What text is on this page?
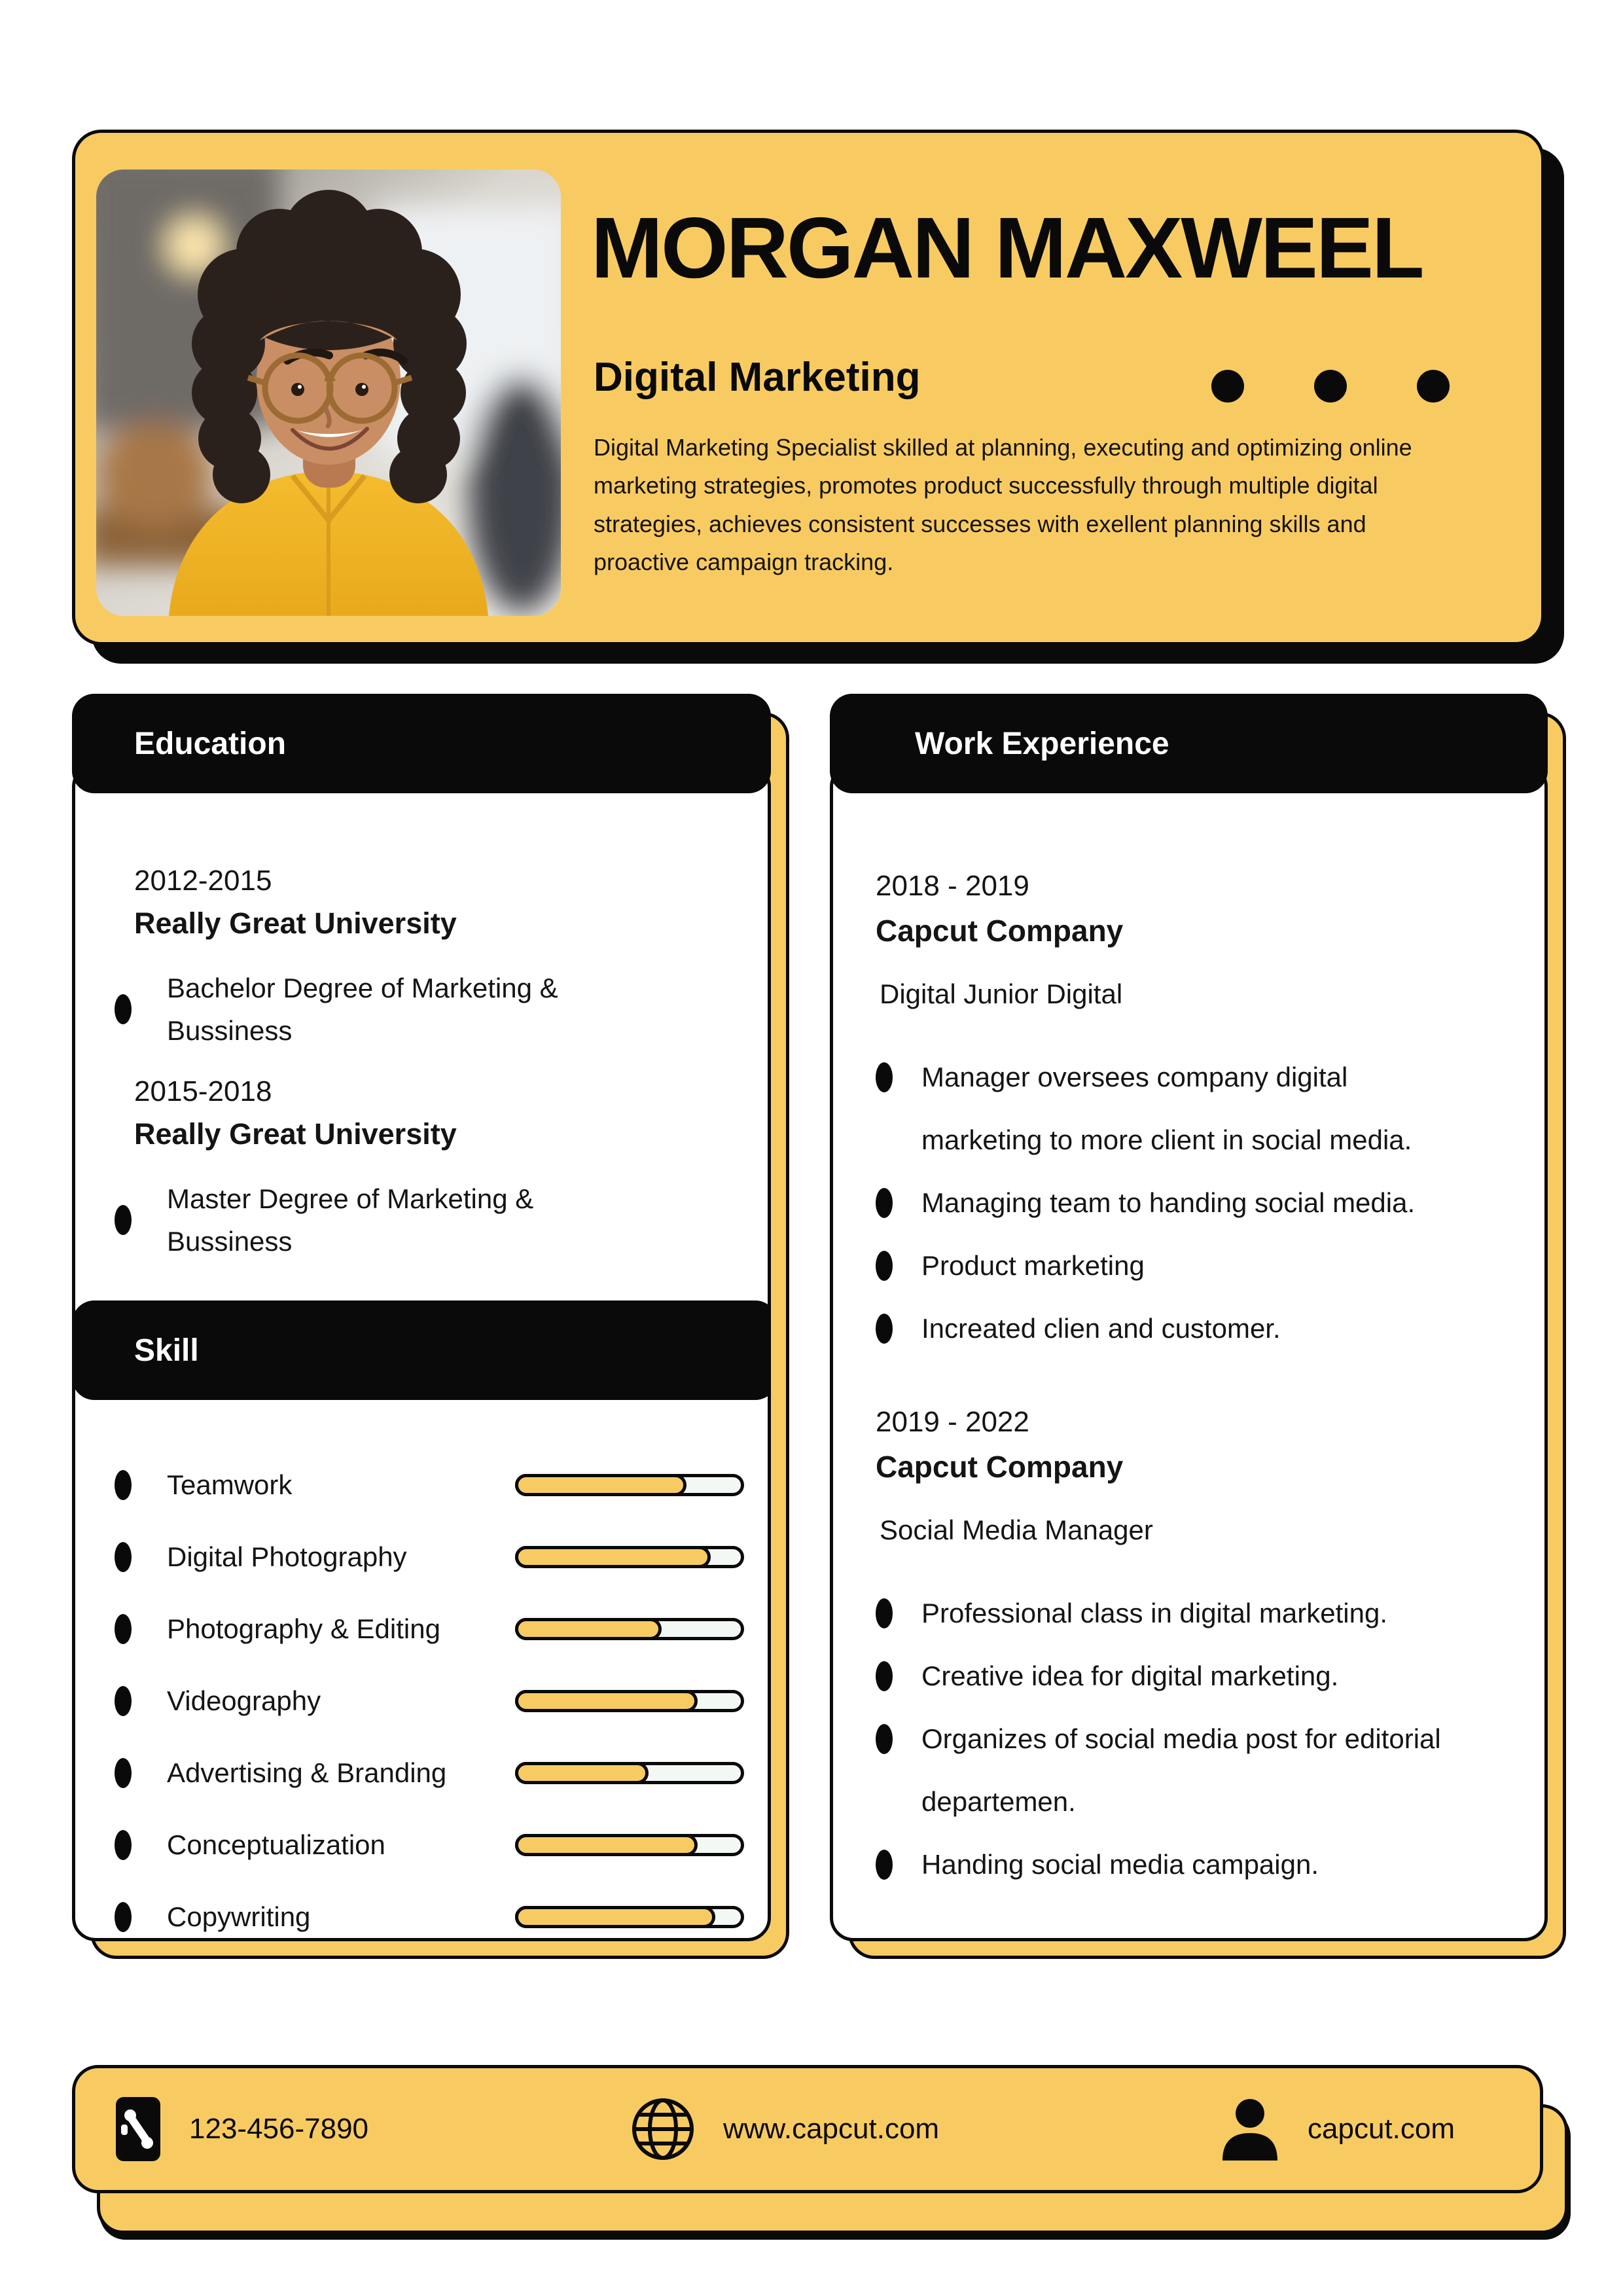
MORGAN MAXWEEL
Digital Marketing
Digital Marketing Specialist skilled at planning, executing and optimizing online marketing strategies, promotes product successfully through multiple digital strategies, achieves consistent successes with exellent planning skills and proactive campaign tracking.
Education
2012-2015
Really Great University
Bachelor Degree of Marketing & Bussiness
2015-2018
Really Great University
Master Degree of Marketing & Bussiness
Skill
Teamwork
Digital Photography
Photography & Editing
Videography
Advertising & Branding
Conceptualization
Copywriting
Work Experience
2018 - 2019
Capcut Company
Digital Junior Digital
Manager oversees company digital marketing to more client in social media.
Managing team to handing social media.
Product marketing
Increated clien and customer.
2019 - 2022
Capcut Company
Social Media Manager
Professional class in digital marketing.
Creative idea for digital marketing.
Organizes of social media post for editorial departemen.
Handing social media campaign.
123-456-7890	www.capcut.com	capcut.com
